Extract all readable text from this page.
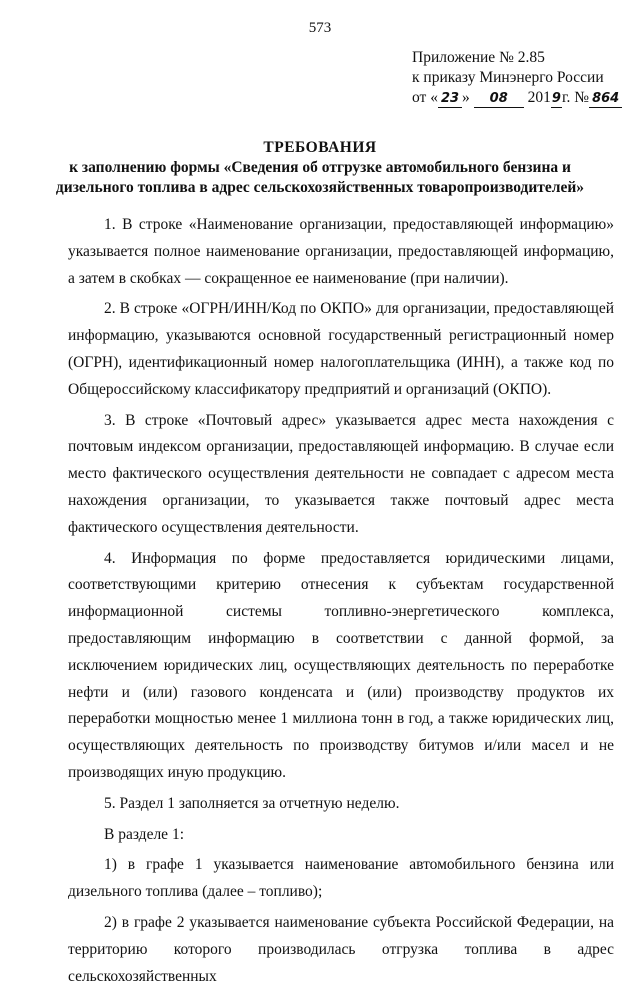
573
Приложение № 2.85
к приказу Минэнерго России
от « 23 » 08 2019г. № 864
ТРЕБОВАНИЯ
к заполнению формы «Сведения об отгрузке автомобильного бензина и дизельного топлива в адрес сельскохозяйственных товаропроизводителей»

1. В строке «Наименование организации, предоставляющей информацию» указывается полное наименование организации, предоставляющей информацию, а затем в скобках — сокращенное ее наименование (при наличии).

2. В строке «ОГРН/ИНН/Код по ОКПО» для организации, предоставляющей информацию, указываются основной государственный регистрационный номер (ОГРН), идентификационный номер налогоплательщика (ИНН), а также код по Общероссийскому классификатору предприятий и организаций (ОКПО).

3. В строке «Почтовый адрес» указывается адрес места нахождения с почтовым индексом организации, предоставляющей информацию. В случае если место фактического осуществления деятельности не совпадает с адресом места нахождения организации, то указывается также почтовый адрес места фактического осуществления деятельности.

4. Информация по форме предоставляется юридическими лицами, соответствующими критерию отнесения к субъектам государственной информационной системы топливно-энергетического комплекса, предоставляющим информацию в соответствии с данной формой, за исключением юридических лиц, осуществляющих деятельность по переработке нефти и (или) газового конденсата и (или) производству продуктов их переработки мощностью менее 1 миллиона тонн в год, а также юридических лиц, осуществляющих деятельность по производству битумов и/или масел и не производящих иную продукцию.

5. Раздел 1 заполняется за отчетную неделю.

В разделе 1:

1) в графе 1 указывается наименование автомобильного бензина или дизельного топлива (далее – топливо);

2) в графе 2 указывается наименование субъекта Российской Федерации, на территорию которого производилась отгрузка топлива в адрес сельскохозяйственных
